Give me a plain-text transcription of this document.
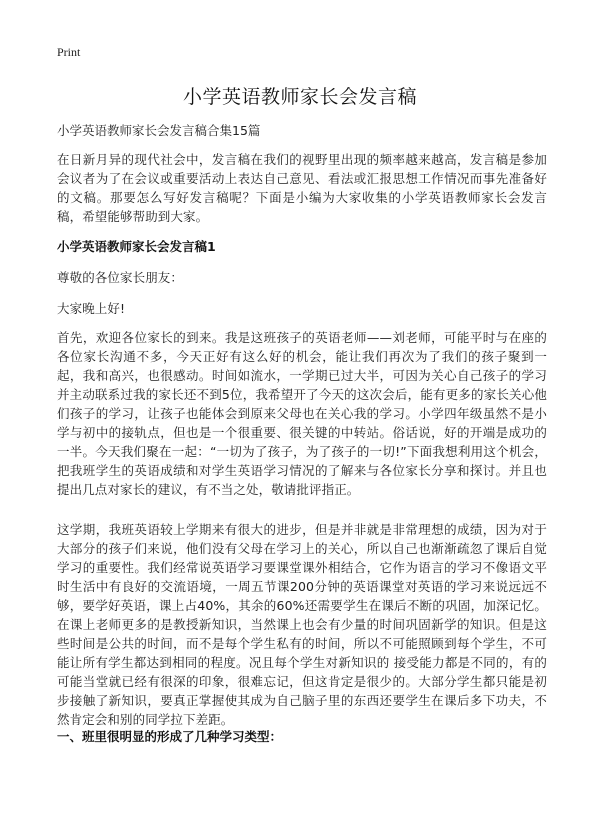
Print
小学英语教师家长会发言稿
小学英语教师家长会发言稿合集15篇
在日新月异的现代社会中，发言稿在我们的视野里出现的频率越来越高，发言稿是参加会议者为了在会议或重要活动上表达自己意见、看法或汇报思想工作情况而事先准备好的文稿。那要怎么写好发言稿呢？下面是小编为大家收集的小学英语教师家长会发言稿，希望能够帮助到大家。
小学英语教师家长会发言稿1
尊敬的各位家长朋友：
大家晚上好!
首先，欢迎各位家长的到来。我是这班孩子的英语老师——刘老师，可能平时与在座的各位家长沟通不多，今天正好有这么好的机会，能让我们再次为了我们的孩子聚到一起，我和高兴，也很感动。时间如流水，一学期已过大半，可因为关心自己孩子的学习并主动联系过我的家长还不到5位，我希望开了今天的这次会后，能有更多的家长关心他们孩子的学习，让孩子也能体会到原来父母也在关心我的学习。小学四年级虽然不是小学与初中的接轨点，但也是一个很重要、很关键的中转站。俗话说，好的开端是成功的一半。今天我们聚在一起：“一切为了孩子，为了孩子的一切!”下面我想利用这个机会，把我班学生的英语成绩和对学生英语学习情况的了解来与各位家长分享和探讨。并且也提出几点对家长的建议，有不当之处，敬请批评指正。
这学期，我班英语较上学期来有很大的进步，但是并非就是非常理想的成绩，因为对于大部分的孩子们来说，他们没有父母在学习上的关心，所以自己也渐渐疏忽了课后自觉学习的重要性。我们经常说英语学习要课堂课外相结合，它作为语言的学习不像语文平时生活中有良好的交流语境，一周五节课200分钟的英语课堂对英语的学习来说远远不够，要学好英语，课上占40%，其余的60%还需要学生在课后不断的巩固，加深记忆。在课上老师更多的是教授新知识，当然课上也会有少量的时间巩固新学的知识。但是这些时间是公共的时间，而不是每个学生私有的时间，所以不可能照顾到每个学生，不可能让所有学生都达到相同的程度。况且每个学生对新知识的 接受能力都是不同的，有的可能当堂就已经有很深的印象，很难忘记，但这肯定是很少的。大部分学生都只能是初步接触了新知识，要真正掌握使其成为自己脑子里的东西还要学生在课后多下功夫，不然肯定会和别的同学拉下差距。
一、班里很明显的形成了几种学习类型：
